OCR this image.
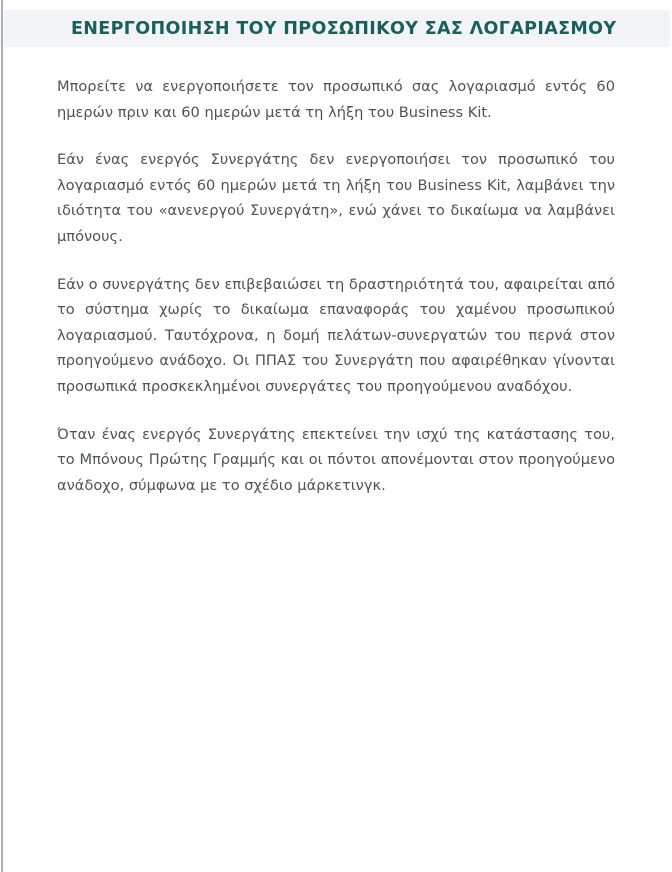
ΕΝΕΡΓΟΠΟΙΗΣΗ ΤΟΥ ΠΡΟΣΩΠΙΚΟΥ ΣΑΣ ΛΟΓΑΡΙΑΣΜΟΥ

Μπορείτε να ενεργοποιήσετε τον προσωπικό σας λογαριασμό εντός 60 ημερών πριν και 60 ημερών μετά τη λήξη του Business Kit.

Εάν ένας ενεργός Συνεργάτης δεν ενεργοποιήσει τον προσωπικό του λογαριασμό εντός 60 ημερών μετά τη λήξη του Business Kit, λαμβάνει την ιδιότητα του «ανενεργού Συνεργάτη», ενώ χάνει το δικαίωμα να λαμβάνει μπόνους.

Εάν ο συνεργάτης δεν επιβεβαιώσει τη δραστηριότητά του, αφαιρείται από το σύστημα χωρίς το δικαίωμα επαναφοράς του χαμένου προσωπικού λογαριασμού. Ταυτόχρονα, η δομή πελάτων-συνεργατών του περνά στον προηγούμενο ανάδοχο. Οι ΠΠΑΣ του Συνεργάτη που αφαιρέθηκαν γίνονται προσωπικά προσκεκλημένοι συνεργάτες του προηγούμενου αναδόχου.

Όταν ένας ενεργός Συνεργάτης επεκτείνει την ισχύ της κατάστασης του, το Μπόνους Πρώτης Γραμμής και οι πόντοι απονέμονται στον προηγούμενο ανάδοχο, σύμφωνα με το σχέδιο μάρκετινγκ.
